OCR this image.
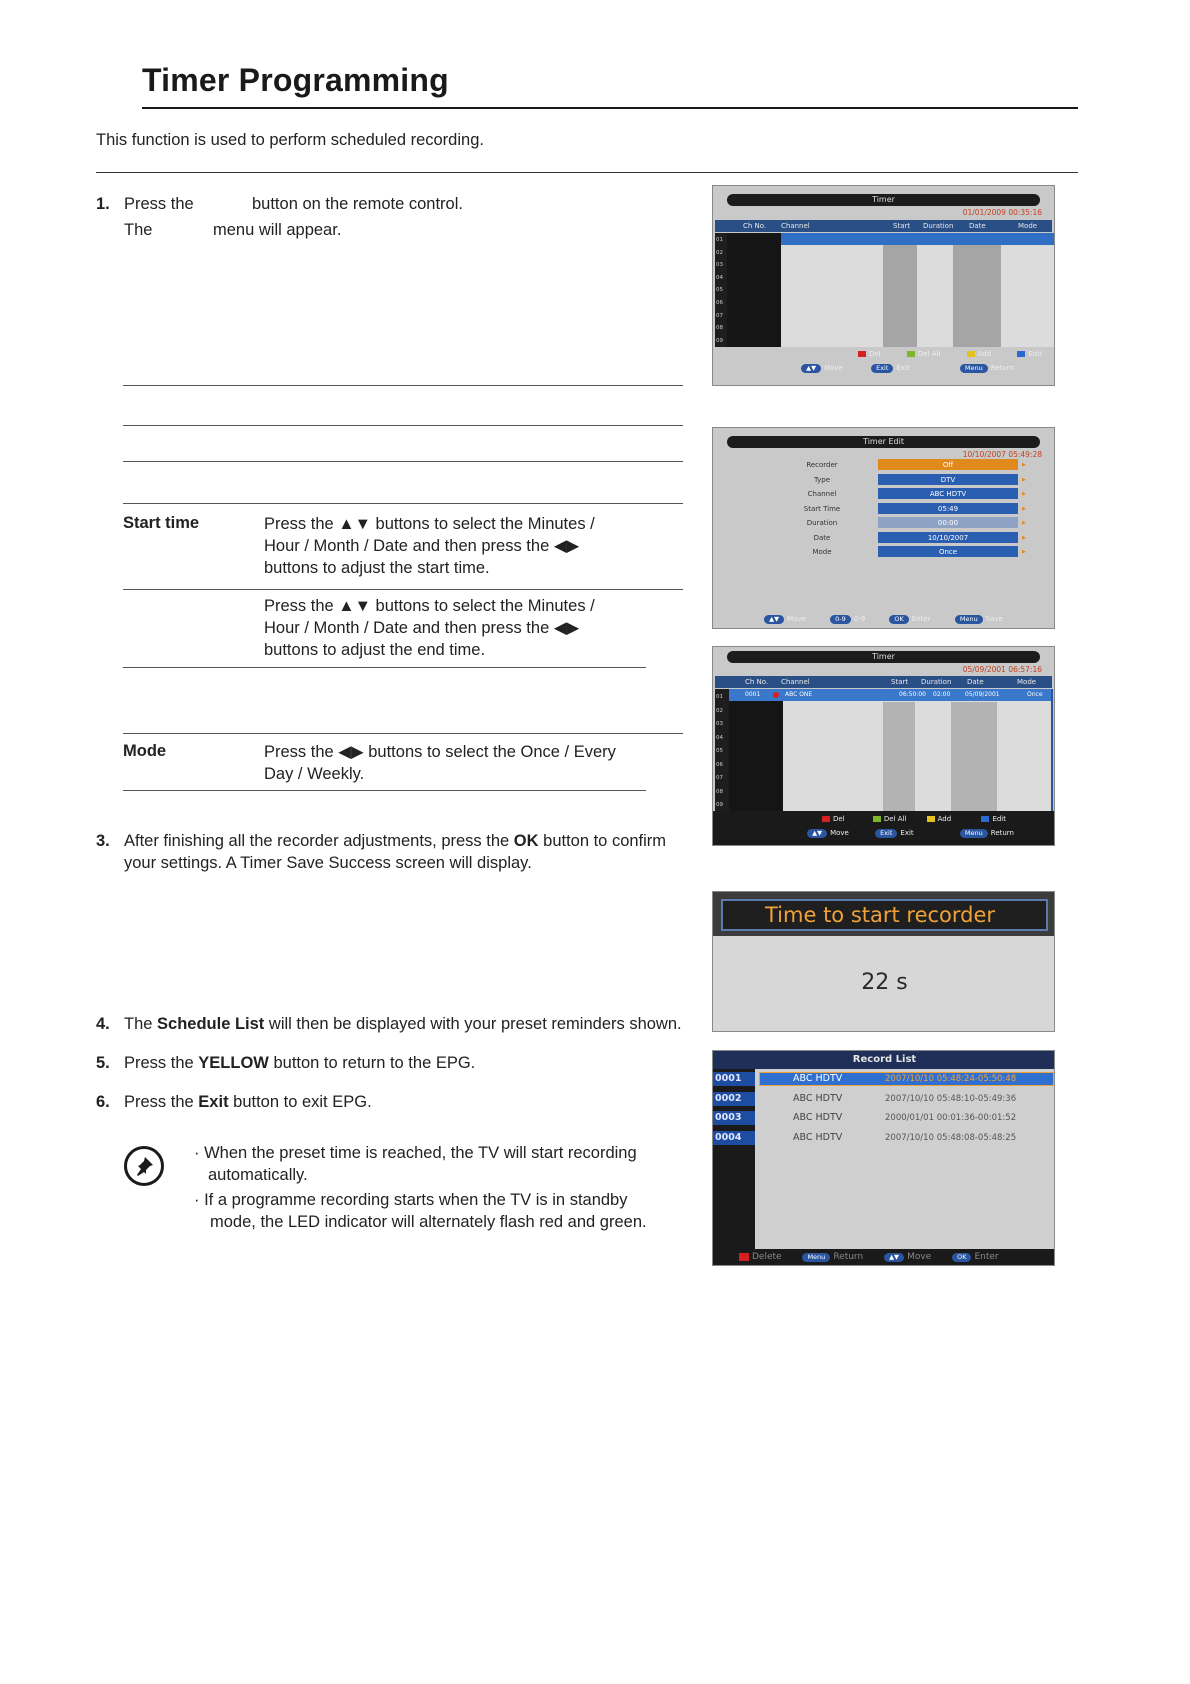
Timer Programming
This function is used to perform scheduled recording.
1. Press the	button on the remote control.
The	menu will appear.
Start time	Press the ▲▼ buttons to select the Minutes /
Hour / Month / Date and then press the ◀▶
buttons to adjust the start time.
Press the ▲▼ buttons to select the Minutes /
Hour / Month / Date and then press the ◀▶
buttons to adjust the end time.
Mode	Press the ◀▶ buttons to select the Once / Every
Day / Weekly.
3. After finishing all the recorder adjustments, press the OK button to confirm
your settings. A Timer Save Success screen will display.
4. The Schedule List will then be displayed with your preset reminders shown.
5. Press the YELLOW button to return to the EPG.
6. Press the Exit button to exit EPG.
· When the preset time is reached, the TV will start recording
automatically.
· If a programme recording starts when the TV is in standby
mode, the LED indicator will alternately flash red and green.
Timer
01/01/2009 00:35:16
Ch No. Channel	Start Duration Date	Mode
01
02
03
04
05
06
07
08
09
Del	Del All	Add	Edit
▲▼ Move	Exit Exit	Menu Return
Timer Edit
10/10/2007 05:49:28
Recorder	Off	▶
Type	DTV	▶
Channel	ABC HDTV	▶
Start Time	05:49	▶
Duration	00:00	▶
Date	10/10/2007	▶
Mode	Once	▶
▲▼ Move	0-9 0-9	OK Enter	Menu Save
Timer
05/09/2001 06:57:16
Ch No. Channel	Start Duration Date	Mode
0001	ABC ONE	06:50:00 02:00 05/09/2001	Once
01
02
03
04
05
06
07
08
09
Del	Del All	Add	Edit
▲▼ Move	Exit Exit	Menu Return
Time to start recorder
22 s
Record List
0001	ABC HDTV	2007/10/10 05:48:24-05:50:48
0002	ABC HDTV	2007/10/10 05:48:10-05:49:36
0003	ABC HDTV	2000/01/01 00:01:36-00:01:52
0004	ABC HDTV	2007/10/10 05:48:08-05:48:25
Delete	Menu Return	▲▼ Move	OK Enter
